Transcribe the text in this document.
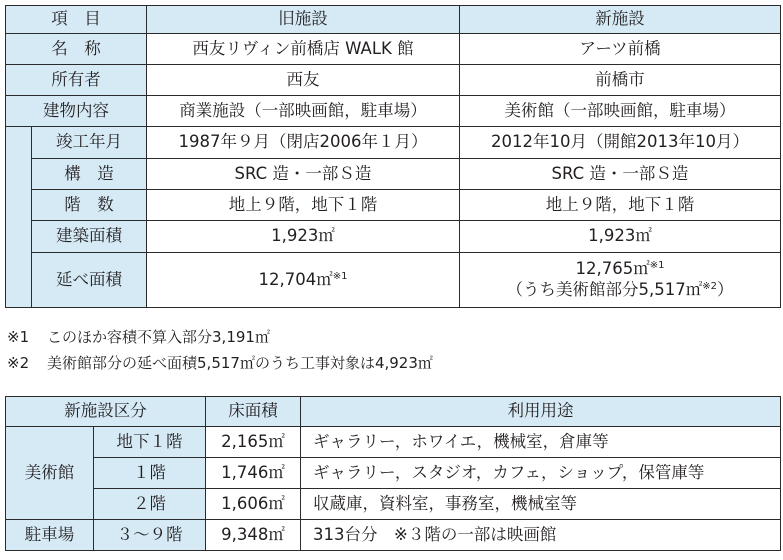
項　目		旧施設	新施設
名　称		西友リヴィン前橋店 WALK 館	アーツ前橋
所有者		西友	前橋市
建物内容		商業施設（一部映画館，駐車場）	美術館（一部映画館，駐車場）
	竣工年月	1987年９月（閉店2006年１月）	2012年10月（開館2013年10月）
	構　造	SRC 造・一部Ｓ造	SRC 造・一部Ｓ造
	階　数	地上９階，地下１階	地上９階，地下１階
	建築面積	1,923㎡	1,923㎡
	延べ面積	12,704㎡$^{※1}$	12,765㎡$^{※1}$
（うち美術館部分5,517㎡$^{※2}$）
※1 このほか容積不算入部分3,191㎡
※2 美術館部分の延べ面積5,517㎡のうち工事対象は4,923㎡
新施設区分		床面積	利用用途
美術館	地下１階	2,165㎡	ギャラリー，ホワイエ，機械室，倉庫等
	１階	1,746㎡	ギャラリー，スタジオ，カフェ，ショップ，保管庫等
	２階	1,606㎡	収蔵庫，資料室，事務室，機械室等
駐車場	３～９階	9,348㎡	313台分　※３階の一部は映画館
